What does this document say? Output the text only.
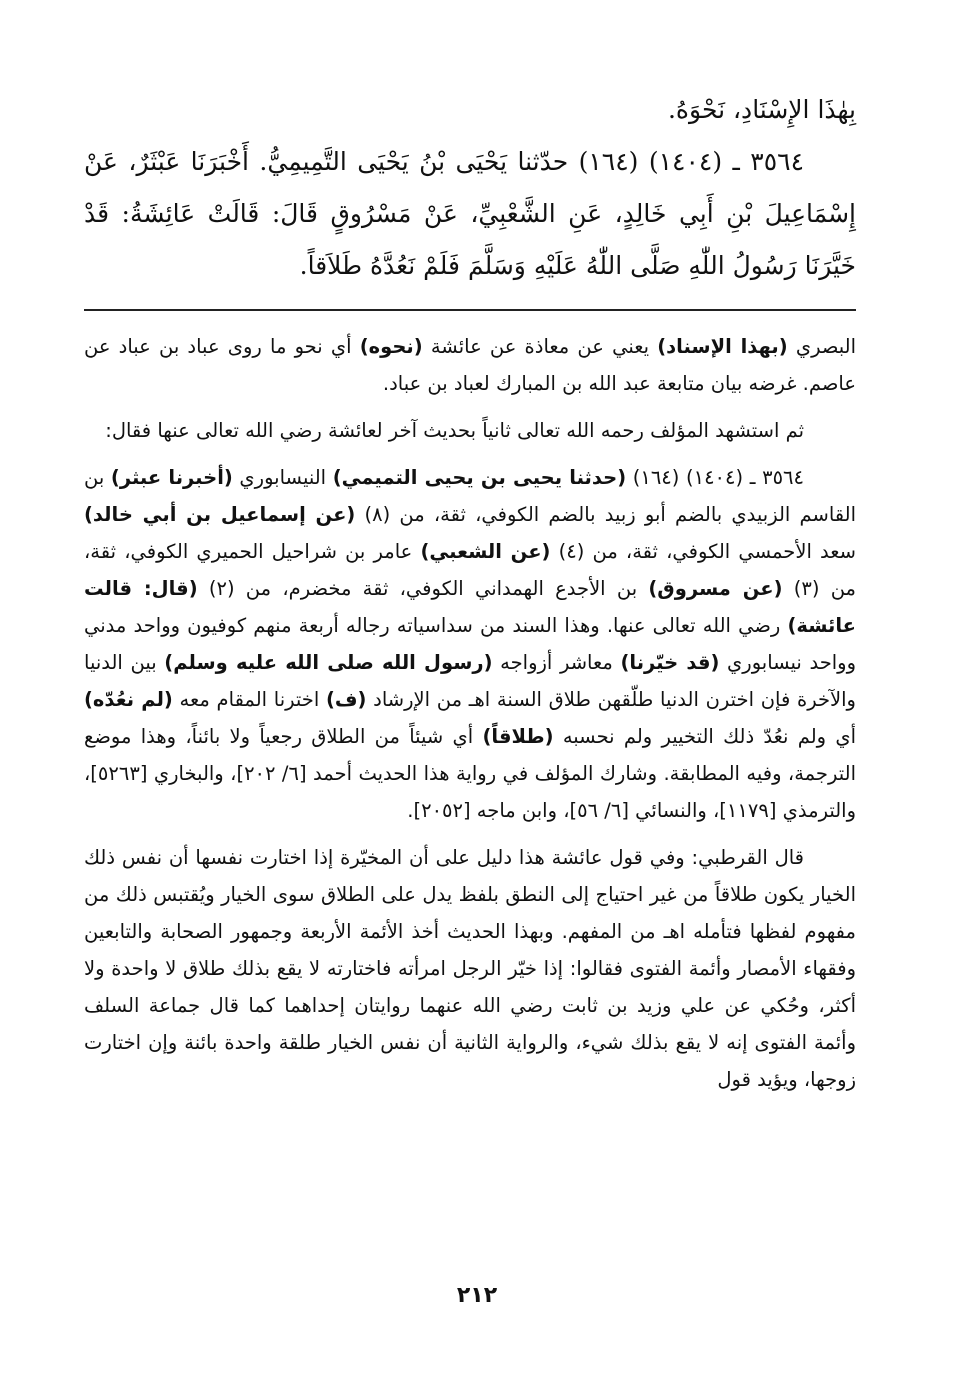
بِهٰذَا الإِسْنَادِ، نَحْوَهُ.

٣٥٦٤ ـ (١٤٠٤) (١٦٤) حدّثنا يَحْيَى بْنُ يَحْيَى التَّمِيمِيُّ. أَخْبَرَنَا عَبْثَرٌ، عَنْ إِسْمَاعِيلَ بْنِ أَبِي خَالِدٍ، عَنِ الشَّعْبِيِّ، عَنْ مَسْرُوقٍ قَالَ: قَالَتْ عَائِشَةُ: قَدْ خَيَّرَنَا رَسُولُ اللّٰهِ صَلَّى اللّٰهُ عَلَيْهِ وَسَلَّمَ فَلَمْ نَعُدَّهُ طَلاَقاً.

البصري (بهذا الإسناد) يعني عن معاذة عن عائشة (نحوه) أي نحو ما روى عباد بن عباد عن عاصم. غرضه بيان متابعة عبد الله بن المبارك لعباد بن عباد.

ثم استشهد المؤلف رحمه الله تعالى ثانياً بحديث آخر لعائشة رضي الله تعالى عنها فقال:

٣٥٦٤ ـ (١٤٠٤) (١٦٤) (حدثنا يحيى بن يحيى التميمي) النيسابوري (أخبرنا عبثر) بن القاسم الزبيدي بالضم أبو زبيد بالضم الكوفي، ثقة، من (٨) (عن إسماعيل بن أبي خالد) سعد الأحمسي الكوفي، ثقة، من (٤) (عن الشعبي) عامر بن شراحيل الحميري الكوفي، ثقة، من (٣) (عن مسروق) بن الأجدع الهمداني الكوفي، ثقة مخضرم، من (٢) (قال: قالت عائشة) رضي الله تعالى عنها. وهذا السند من سداسياته رجاله أربعة منهم كوفيون وواحد مدني وواحد نيسابوري (قد خيّرنا) معاشر أزواجه (رسول الله صلى الله عليه وسلم) بين الدنيا والآخرة فإن اخترن الدنيا طلّقهن طلاق السنة اهـ من الإرشاد (ف) اخترنا المقام معه (لم نعُدّه) أي ولم نعُدّ ذلك التخيير ولم نحسبه (طلاقاً) أي شيئاً من الطلاق رجعياً ولا بائناً، وهذا موضع الترجمة، وفيه المطابقة. وشارك المؤلف في رواية هذا الحديث أحمد [٦/ ٢٠٢]، والبخاري [٥٢٦٣]، والترمذي [١١٧٩]، والنسائي [٦/ ٥٦]، وابن ماجه [٢٠٥٢].

قال القرطبي: وفي قول عائشة هذا دليل على أن المخيّرة إذا اختارت نفسها أن نفس ذلك الخيار يكون طلاقاً من غير احتياج إلى النطق بلفظ يدل على الطلاق سوى الخيار ويُقتبس ذلك من مفهوم لفظها فتأمله اهـ من المفهم. وبهذا الحديث أخذ الأئمة الأربعة وجمهور الصحابة والتابعين وفقهاء الأمصار وأئمة الفتوى فقالوا: إذا خيّر الرجل امرأته فاختارته لا يقع بذلك طلاق لا واحدة ولا أكثر، وحُكي عن علي وزيد بن ثابت رضي الله عنهما روايتان إحداهما كما قال جماعة السلف وأئمة الفتوى إنه لا يقع بذلك شيء، والرواية الثانية أن نفس الخيار طلقة واحدة بائنة وإن اختارت زوجها، ويؤيد قول

٢١٢
